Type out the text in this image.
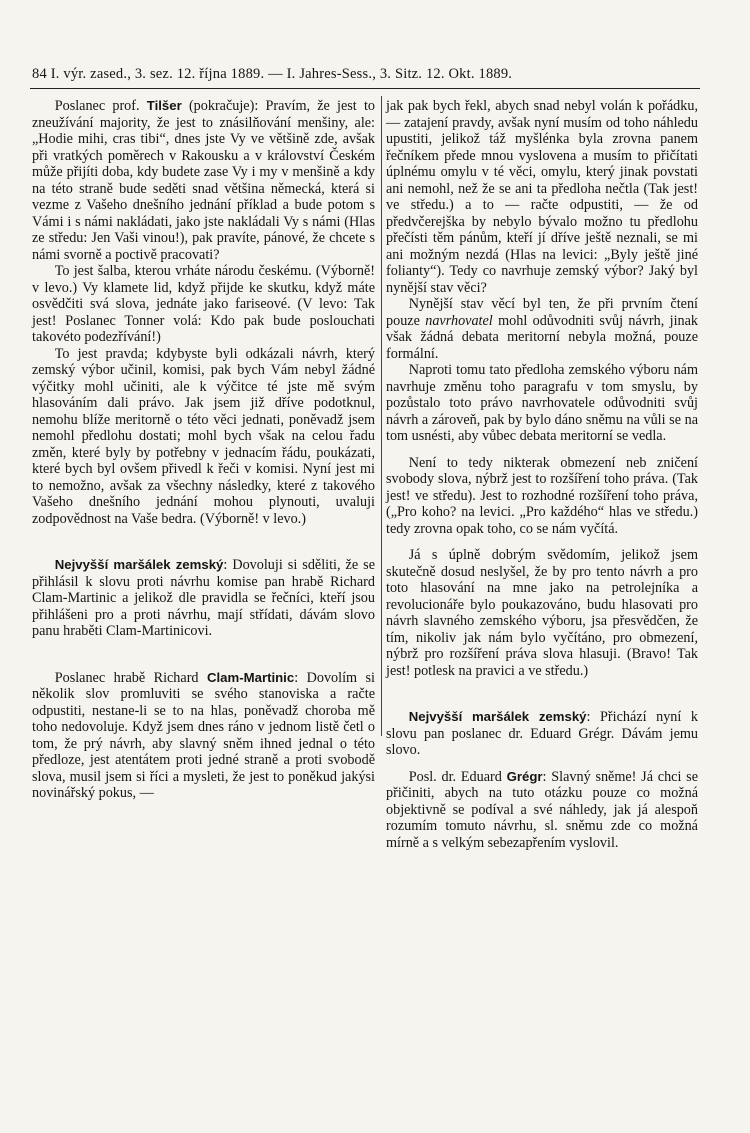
84 I. výr. zased., 3. sez. 12. října 1889. — I. Jahres-Sess., 3. Sitz. 12. Okt. 1889.

Poslanec prof. Tilšer (pokračuje): Pravím, že jest to zneužívání majority, že jest to znásilňování menšiny, ale: „Hodie mihi, cras tibi“, dnes jste Vy ve většině zde, avšak při vratkých poměrech v Rakousku a v království Českém může přijíti doba, kdy budete zase Vy i my v menšině a kdy na této straně bude seděti snad většina německá, která si vezme z Vašeho dnešního jednání příklad a bude potom s Vámi i s námi nakládati, jako jste nakládali Vy s námi (Hlas ze středu: Jen Vaši vinou!), pak pravíte, pánové, že chcete s námi svorně a poctivě pracovati?

To jest šalba, kterou vrháte národu českému. (Výborně! v levo.) Vy klamete lid, když přijde ke skutku, když máte osvědčiti svá slova, jednáte jako fariseové. (V levo: Tak jest! Poslanec Tonner volá: Kdo pak bude poslouchati takovéto podezřívání!)

To jest pravda; kdybyste byli odkázali návrh, který zemský výbor učinil, komisi, pak bych Vám nebyl žádné výčitky mohl učiniti, ale k výčitce té jste mě svým hlasováním dali právo. Jak jsem již dříve podotknul, nemohu blíže meritorně o této věci jednati, poněvadž jsem nemohl předlohu dostati; mohl bych však na celou řadu změn, které byly by potřebny v jednacím řádu, poukázati, které bych byl ovšem přivedl k řeči v komisi. Nyní jest mi to nemožno, avšak za všechny následky, které z takového Vašeho dnešního jednání mohou plynouti, uvaluji zodpovědnost na Vaše bedra. (Výborně! v levo.)

Nejvyšší maršálek zemský: Dovoluji si sděliti, že se přihlásil k slovu proti návrhu komise pan hrabě Richard Clam-Martinic a jelikož dle pravidla se řečníci, kteří jsou přihlášeni pro a proti návrhu, mají střídati, dávám slovo panu hraběti Clam-Martinicovi.

Poslanec hrabě Richard Clam-Martinic: Dovolím si několik slov promluviti se svého stanoviska a račte odpustiti, nestane-li se to na hlas, poněvadž choroba mě toho nedovoluje. Když jsem dnes ráno v jednom listě četl o tom, že prý návrh, aby slavný sněm ihned jednal o této předloze, jest atentátem proti jedné straně a proti svobodě slova, musil jsem si říci a mysleti, že jest to poněkud jakýsi novinářský pokus, —

jak pak bych řekl, abych snad nebyl volán k pořádku, — zatajení pravdy, avšak nyní musím od toho náhledu upustiti, jelikož táž myšlénka byla zrovna panem řečníkem přede mnou vyslovena a musím to přičítati úplnému omylu v té věci, omylu, který jinak povstati ani nemohl, než že se ani ta předloha nečtla (Tak jest! ve středu.) a to — račte odpustiti, — že od předvčerejška by nebylo bývalo možno tu předlohu přečísti těm pánům, kteří jí dříve ještě neznali, se mi ani možným nezdá (Hlas na levici: „Byly ještě jiné folianty“). Tedy co navrhuje zemský výbor? Jaký byl nynější stav věci?

Nynější stav věcí byl ten, že při prvním čtení pouze navrhovatel mohl odůvodniti svůj návrh, jinak však žádná debata meritorní nebyla možná, pouze formální.

Naproti tomu tato předloha zemského výboru nám navrhuje změnu toho paragrafu v tom smyslu, by pozůstalo toto právo navrhovatele odůvodniti svůj návrh a zároveň, pak by bylo dáno sněmu na vůli se na tom usnésti, aby vůbec debata meritorní se vedla.

Není to tedy nikterak obmezení neb zničení svobody slova, nýbrž jest to rozšíření toho práva. (Tak jest! ve středu). Jest to rozhodné rozšíření toho práva, („Pro koho? na levici. „Pro každého“ hlas ve středu.) tedy zrovna opak toho, co se nám vyčítá.

Já s úplně dobrým svědomím, jelikož jsem skutečně dosud neslyšel, že by pro tento návrh a pro toto hlasování na mne jako na petrolejníka a revolucionáře bylo poukazováno, budu hlasovati pro návrh slavného zemského výboru, jsa přesvědčen, že tím, nikoliv jak nám bylo vyčítáno, pro obmezení, nýbrž pro rozšíření práva slova hlasuji. (Bravo! Tak jest! potlesk na pravici a ve středu.)

Nejvyšší maršálek zemský: Přichází nyní k slovu pan poslanec dr. Eduard Grégr. Dávám jemu slovo.

Posl. dr. Eduard Grégr: Slavný sněme! Já chci se přičiniti, abych na tuto otázku pouze co možná objektivně se podíval a své náhledy, jak já alespoň rozumím tomuto návrhu, sl. sněmu zde co možná mírně a s velkým sebezapřením vyslovil.
